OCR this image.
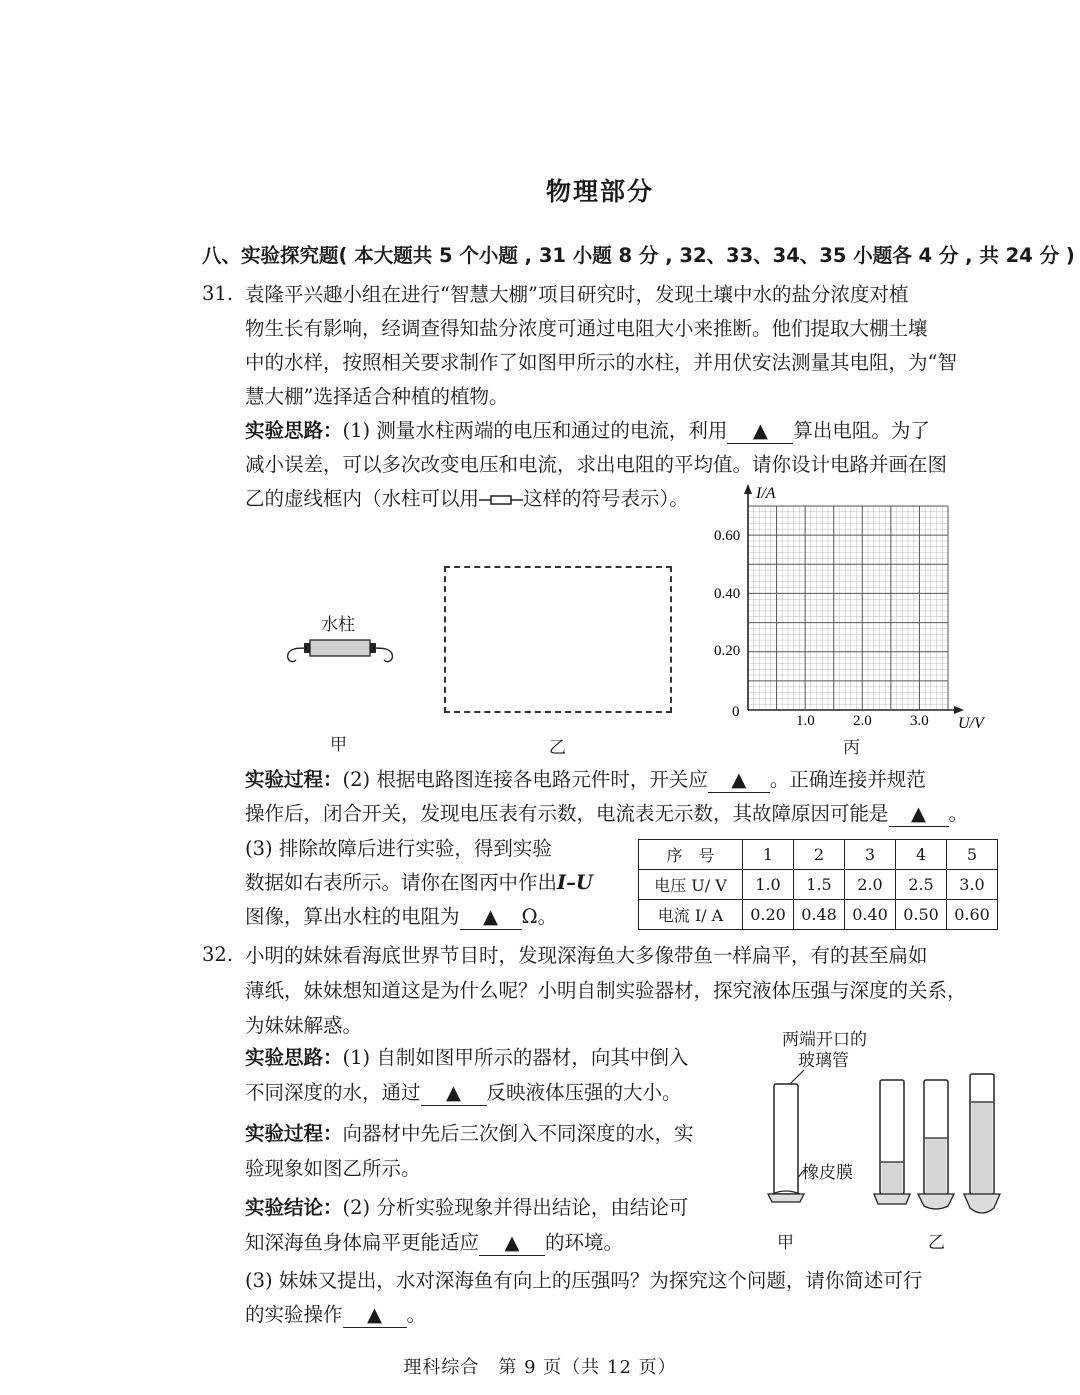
物理部分
八、实验探究题( 本大题共 5 个小题 , 31 小题 8 分 , 32、33、34、35 小题各 4 分 , 共 24 分 )
31. 袁隆平兴趣小组在进行“智慧大棚”项目研究时，发现土壤中水的盐分浓度对植
物生长有影响，经调查得知盐分浓度可通过电阻大小来推断。他们提取大棚土壤
中的水样，按照相关要求制作了如图甲所示的水柱，并用伏安法测量其电阻，为“智
慧大棚”选择适合种植的植物。
实验思路：(1) 测量水柱两端的电压和通过的电流，利用 ▲ 算出电阻。为了
减小误差，可以多次改变电压和电流，求出电阻的平均值。请你设计电路并画在图
乙的虚线框内（水柱可以用 这样的符号表示）。
水柱
甲	乙
I/A
U/V
0
0.60
0.40
0.20
1.0	2.0	3.0
丙
实验过程：(2) 根据电路图连接各电路元件时，开关应 ▲ 。正确连接并规范
操作后，闭合开关，发现电压表有示数，电流表无示数，其故障原因可能是 ▲ 。
(3) 排除故障后进行实验，得到实验
数据如右表所示。请你在图丙中作出I–U
图像，算出水柱的电阻为 ▲ Ω。
序　号	1	2	3	4	5
电压 U/ V	1.0	1.5	2.0	2.5	3.0
电流 I/ A	0.20	0.48	0.40	0.50	0.60
32. 小明的妹妹看海底世界节目时，发现深海鱼大多像带鱼一样扁平，有的甚至扁如
薄纸，妹妹想知道这是为什么呢？小明自制实验器材，探究液体压强与深度的关系，
为妹妹解惑。
实验思路：(1) 自制如图甲所示的器材，向其中倒入
不同深度的水，通过 ▲ 反映液体压强的大小。
实验过程：向器材中先后三次倒入不同深度的水，实
验现象如图乙所示。
实验结论：(2) 分析实验现象并得出结论，由结论可
知深海鱼身体扁平更能适应 ▲ 的环境。
(3) 妹妹又提出，水对深海鱼有向上的压强吗？为探究这个问题，请你简述可行
的实验操作 ▲ 。
两端开口的
玻璃管
橡皮膜
甲	乙
理科综合　第 9 页（共 12 页）
